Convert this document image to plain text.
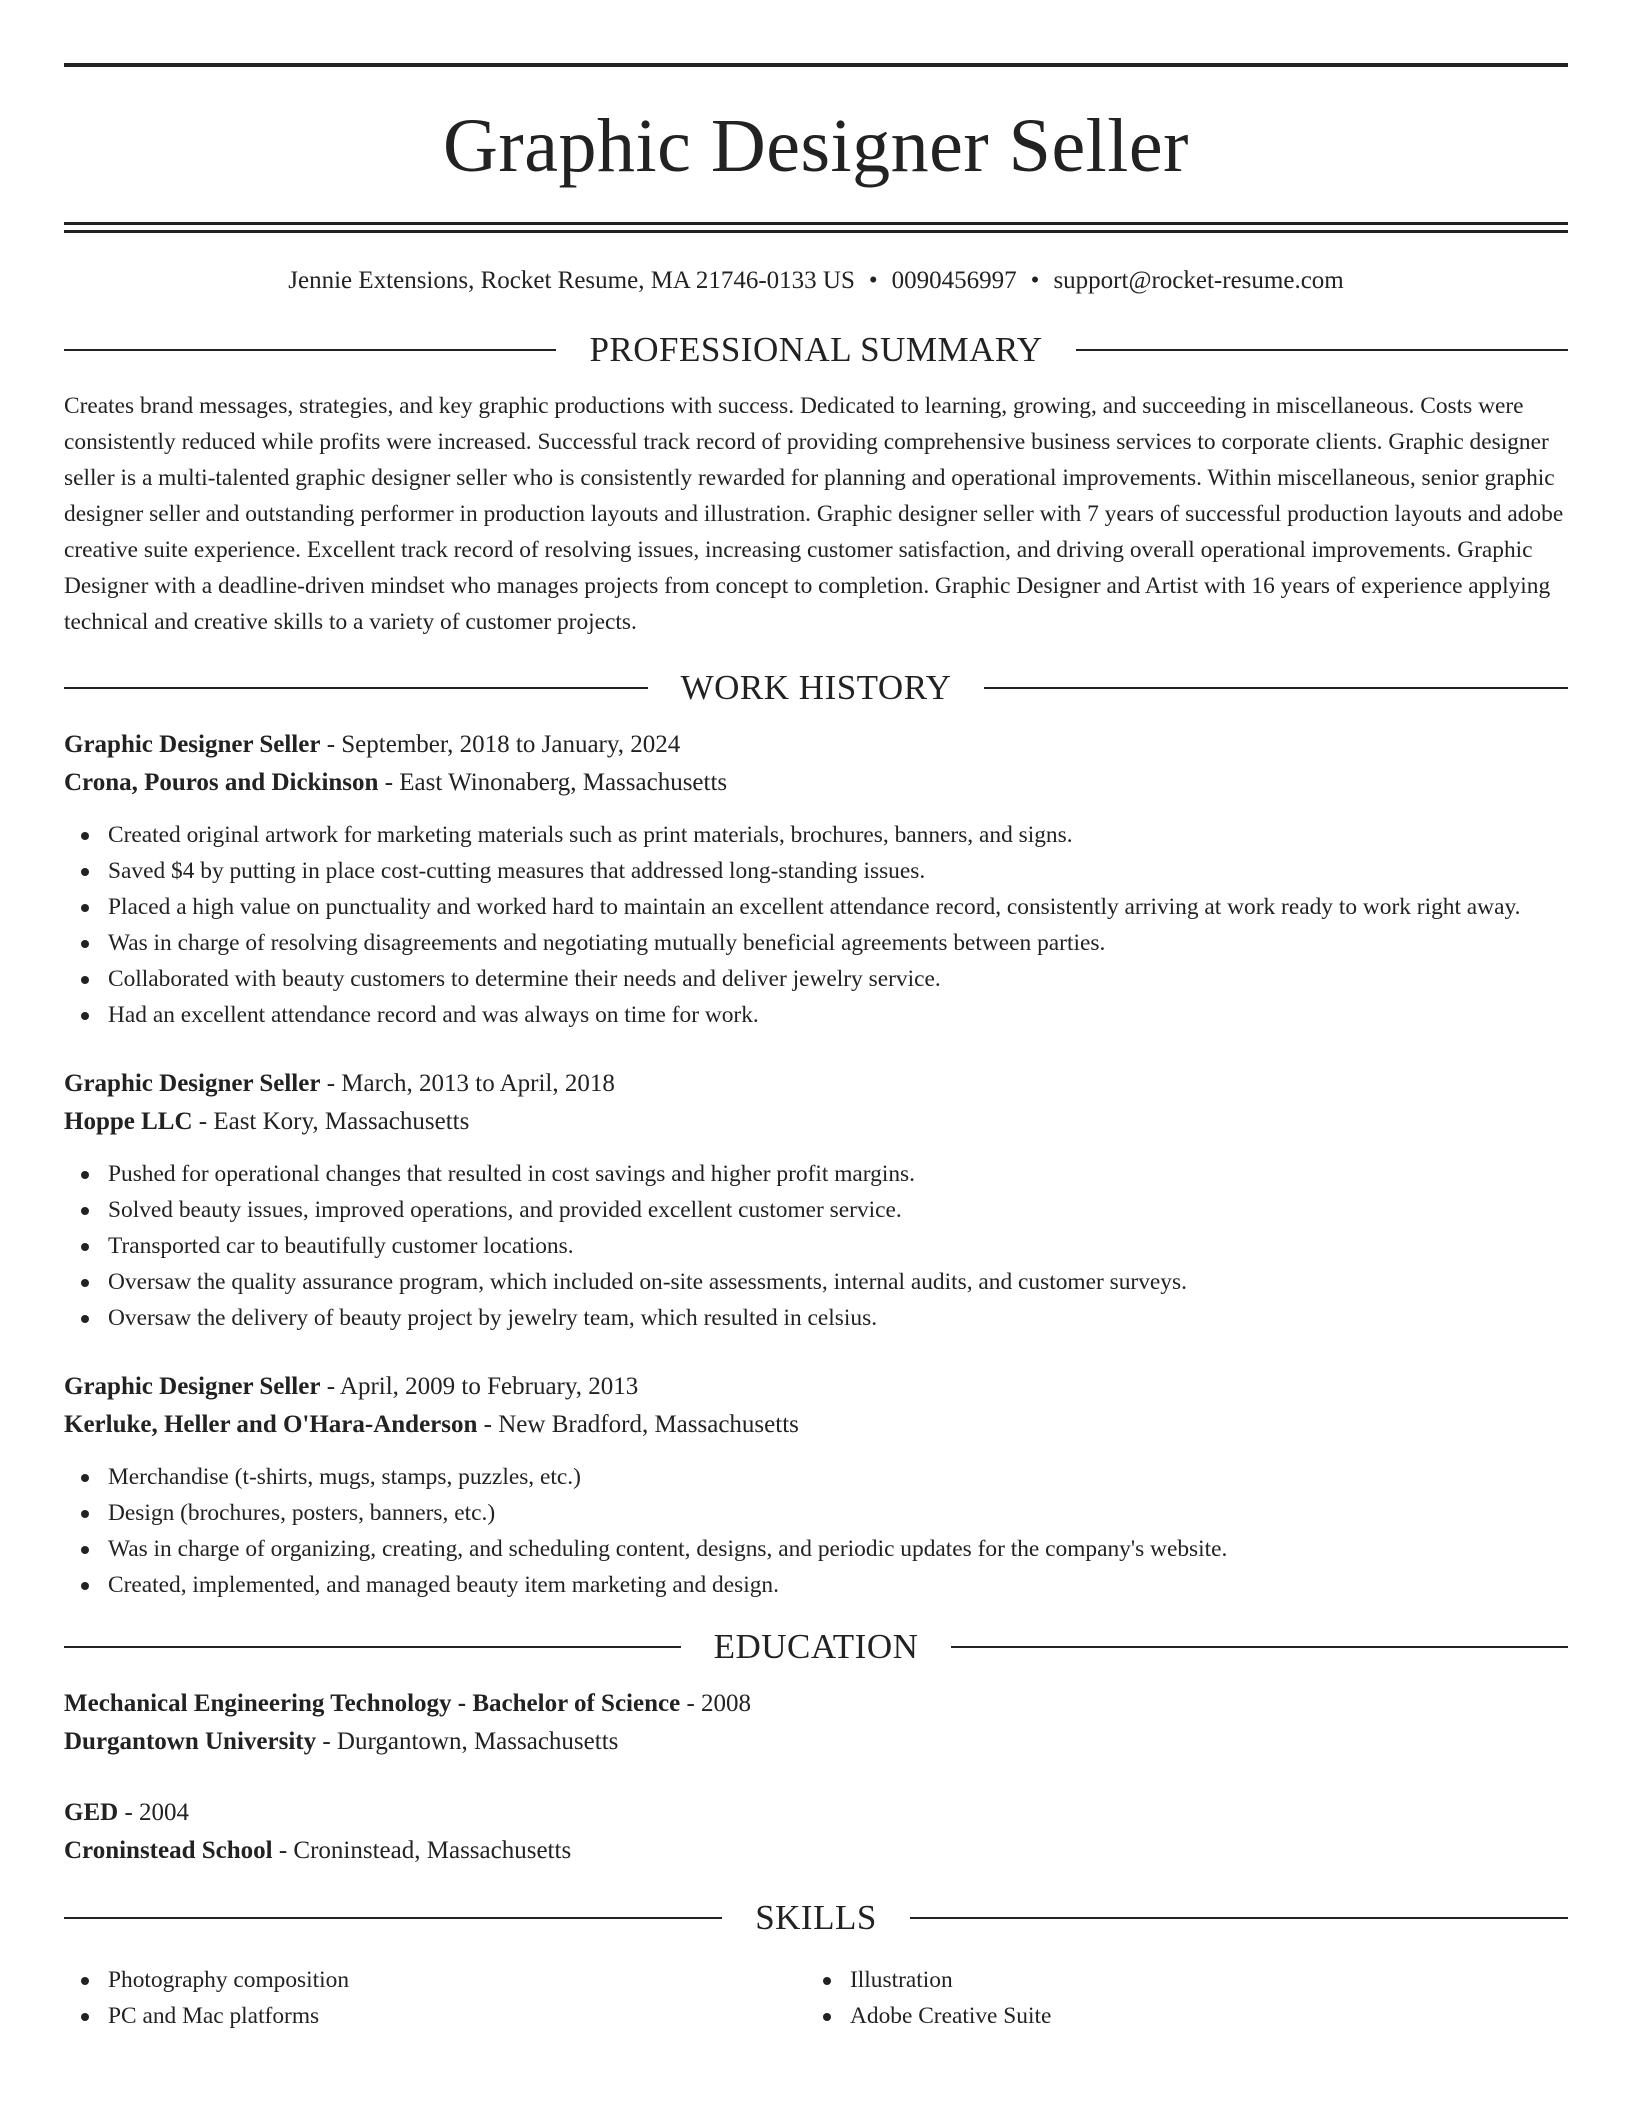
Graphic Designer Seller
Jennie Extensions, Rocket Resume, MA 21746-0133 US • 0090456997 • support@rocket-resume.com
PROFESSIONAL SUMMARY
Creates brand messages, strategies, and key graphic productions with success. Dedicated to learning, growing, and succeeding in miscellaneous. Costs were consistently reduced while profits were increased. Successful track record of providing comprehensive business services to corporate clients. Graphic designer seller is a multi-talented graphic designer seller who is consistently rewarded for planning and operational improvements. Within miscellaneous, senior graphic designer seller and outstanding performer in production layouts and illustration. Graphic designer seller with 7 years of successful production layouts and adobe creative suite experience. Excellent track record of resolving issues, increasing customer satisfaction, and driving overall operational improvements. Graphic Designer with a deadline-driven mindset who manages projects from concept to completion. Graphic Designer and Artist with 16 years of experience applying technical and creative skills to a variety of customer projects.
WORK HISTORY
Graphic Designer Seller - September, 2018 to January, 2024
Crona, Pouros and Dickinson - East Winonaberg, Massachusetts
Created original artwork for marketing materials such as print materials, brochures, banners, and signs.
Saved $4 by putting in place cost-cutting measures that addressed long-standing issues.
Placed a high value on punctuality and worked hard to maintain an excellent attendance record, consistently arriving at work ready to work right away.
Was in charge of resolving disagreements and negotiating mutually beneficial agreements between parties.
Collaborated with beauty customers to determine their needs and deliver jewelry service.
Had an excellent attendance record and was always on time for work.
Graphic Designer Seller - March, 2013 to April, 2018
Hoppe LLC - East Kory, Massachusetts
Pushed for operational changes that resulted in cost savings and higher profit margins.
Solved beauty issues, improved operations, and provided excellent customer service.
Transported car to beautifully customer locations.
Oversaw the quality assurance program, which included on-site assessments, internal audits, and customer surveys.
Oversaw the delivery of beauty project by jewelry team, which resulted in celsius.
Graphic Designer Seller - April, 2009 to February, 2013
Kerluke, Heller and O'Hara-Anderson - New Bradford, Massachusetts
Merchandise (t-shirts, mugs, stamps, puzzles, etc.)
Design (brochures, posters, banners, etc.)
Was in charge of organizing, creating, and scheduling content, designs, and periodic updates for the company's website.
Created, implemented, and managed beauty item marketing and design.
EDUCATION
Mechanical Engineering Technology - Bachelor of Science - 2008
Durgantown University - Durgantown, Massachusetts
GED - 2004
Croninstead School - Croninstead, Massachusetts
SKILLS
Photography composition
PC and Mac platforms
Illustration
Adobe Creative Suite
